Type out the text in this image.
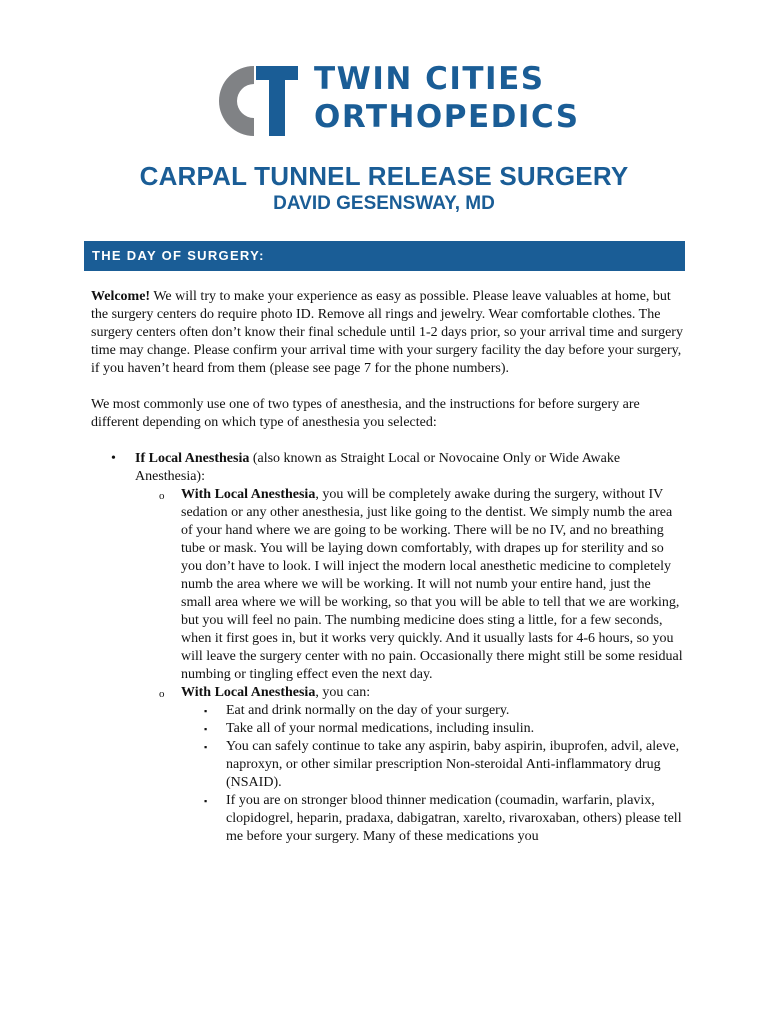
TWIN CITIES
ORTHOPEDICS
CARPAL TUNNEL RELEASE SURGERY
DAVID GESENSWAY, MD
THE DAY OF SURGERY:

Welcome! We will try to make your experience as easy as possible. Please leave valuables at home, but the surgery centers do require photo ID. Remove all rings and jewelry. Wear comfortable clothes. The surgery centers often don’t know their final schedule until 1-2 days prior, so your arrival time and surgery time may change. Please confirm your arrival time with your surgery facility the day before your surgery, if you haven’t heard from them (please see page 7 for the phone numbers).

We most commonly use one of two types of anesthesia, and the instructions for before surgery are different depending on which type of anesthesia you selected:

• If Local Anesthesia (also known as Straight Local or Novocaine Only or Wide Awake Anesthesia):
o With Local Anesthesia, you will be completely awake during the surgery, without IV sedation or any other anesthesia, just like going to the dentist. We simply numb the area of your hand where we are going to be working. There will be no IV, and no breathing tube or mask. You will be laying down comfortably, with drapes up for sterility and so you don’t have to look. I will inject the modern local anesthetic medicine to completely numb the area where we will be working. It will not numb your entire hand, just the small area where we will be working, so that you will be able to tell that we are working, but you will feel no pain. The numbing medicine does sting a little, for a few seconds, when it first goes in, but it works very quickly. And it usually lasts for 4-6 hours, so you will leave the surgery center with no pain. Occasionally there might still be some residual numbing or tingling effect even the next day.
o With Local Anesthesia, you can:
▪ Eat and drink normally on the day of your surgery.
▪ Take all of your normal medications, including insulin.
▪ You can safely continue to take any aspirin, baby aspirin, ibuprofen, advil, aleve, naproxyn, or other similar prescription Non-steroidal Anti-inflammatory drug (NSAID).
▪ If you are on stronger blood thinner medication (coumadin, warfarin, plavix, clopidogrel, heparin, pradaxa, dabigatran, xarelto, rivaroxaban, others) please tell me before your surgery. Many of these medications you
